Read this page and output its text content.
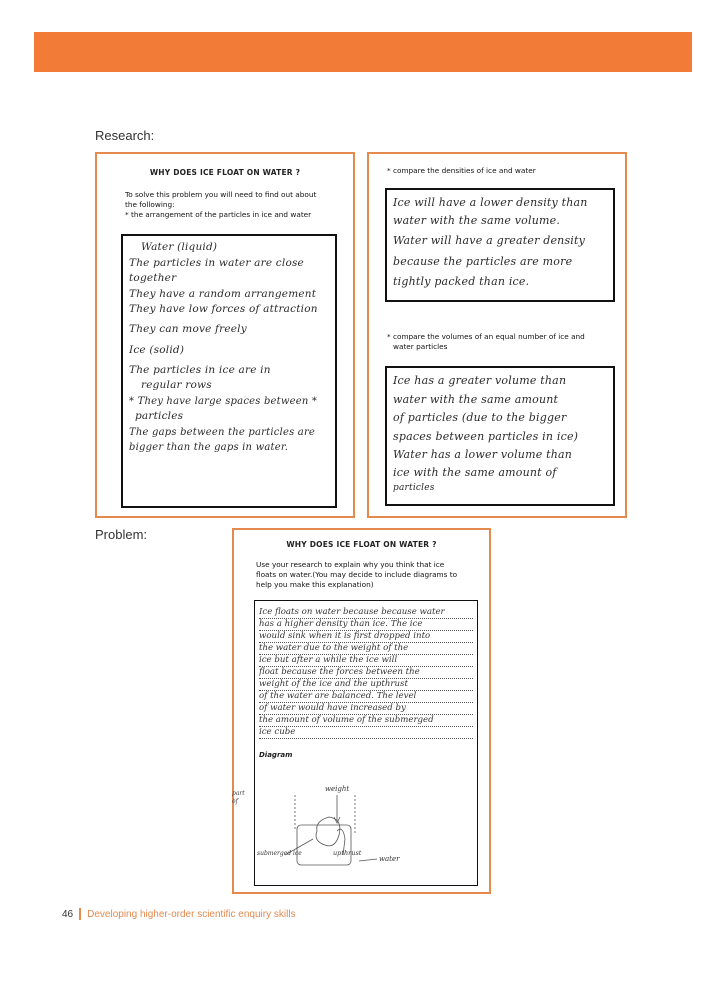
Research:
WHY DOES ICE FLOAT ON WATER ?
To solve this problem you will need to find out about
the following:
* the arrangement of the particles in ice and water
Water (liquid)
The particles in water are close
together
They have a random arrangement
They have low forces of attraction
They can move freely
Ice (solid)
The particles in ice are in
regular rows
* They have large spaces between *
particles
The gaps between the particles are
bigger than the gaps in water.
* compare the densities of ice and water
Ice will have a lower density than
water with the same volume.
Water will have a greater density
because the particles are more
tightly packed than ice.
* compare the volumes of an equal number of ice and
water particles
Ice has a greater volume than
water with the same amount
of particles (due to the bigger
spaces between particles in ice)
Water has a lower volume than
ice with the same amount of
particles
Problem:
WHY DOES ICE FLOAT ON WATER ?
Use your research to explain why you think that ice
floats on water.(You may decide to include diagrams to
help you make this explanation)
Ice floats on water because because water
has a higher density than ice. The ice
would sink when it is first dropped into
the water due to the weight of the
ice but after a while the ice will
float because the forces between the
weight of the ice and the upthrust
of the water are balanced. The level
of water would have increased by
the amount of volume of the submerged
ice cube
Diagram
weight
upthrust
water
submerged ice
part of
46 Developing higher-order scientific enquiry skills
